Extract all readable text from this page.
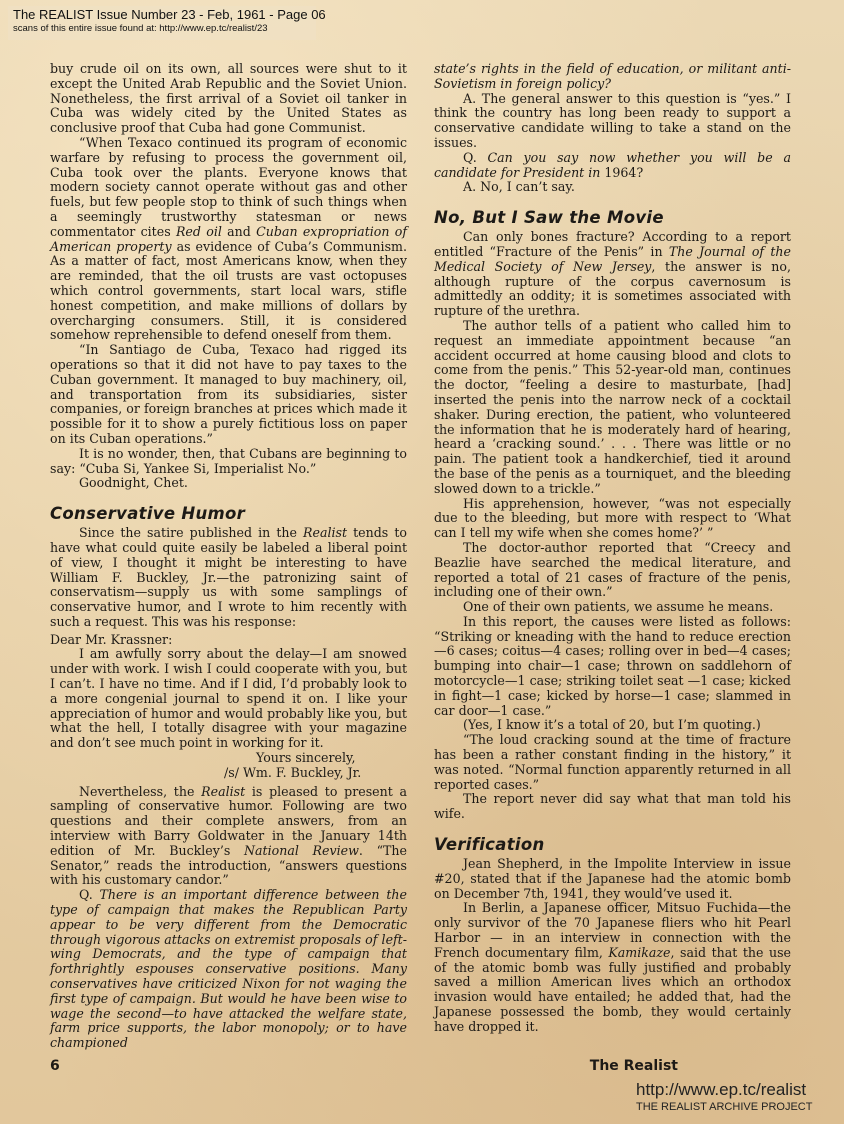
The REALIST Issue Number 23 - Feb, 1961 - Page 06
scans of this entire issue found at: http://www.ep.tc/realist/23

buy crude oil on its own, all sources were shut to it except the United Arab Republic and the Soviet Union. Nonetheless, the first arrival of a Soviet oil tanker in Cuba was widely cited by the United States as conclusive proof that Cuba had gone Communist.

“When Texaco continued its program of economic warfare by refusing to process the government oil, Cuba took over the plants. Everyone knows that modern society cannot operate without gas and other fuels, but few people stop to think of such things when a seemingly trustworthy statesman or news commentator cites Red oil and Cuban expropriation of American property as evidence of Cuba’s Communism. As a matter of fact, most Americans know, when they are reminded, that the oil trusts are vast octopuses which control governments, start local wars, stifle honest competition, and make millions of dollars by overcharging consumers. Still, it is considered somehow reprehensible to defend oneself from them.

“In Santiago de Cuba, Texaco had rigged its operations so that it did not have to pay taxes to the Cuban government. It managed to buy machinery, oil, and transportation from its subsidiaries, sister companies, or foreign branches at prices which made it possible for it to show a purely fictitious loss on paper on its Cuban operations.”

It is no wonder, then, that Cubans are beginning to say: “Cuba Si, Yankee Si, Imperialist No.”

Goodnight, Chet.

Conservative Humor

Since the satire published in the Realist tends to have what could quite easily be labeled a liberal point of view, I thought it might be interesting to have William F. Buckley, Jr.—the patronizing saint of conservatism—supply us with some samplings of conservative humor, and I wrote to him recently with such a request. This was his response:

Dear Mr. Krassner:

I am awfully sorry about the delay—I am snowed under with work. I wish I could cooperate with you, but I can’t. I have no time. And if I did, I’d probably look to a more congenial journal to spend it on. I like your appreciation of humor and would probably like you, but what the hell, I totally disagree with your magazine and don’t see much point in working for it.

Yours sincerely,

/s/ Wm. F. Buckley, Jr.

Nevertheless, the Realist is pleased to present a sampling of conservative humor. Following are two questions and their complete answers, from an interview with Barry Goldwater in the January 14th edition of Mr. Buckley’s National Review. “The Senator,” reads the introduction, “answers questions with his customary candor.”

Q. There is an important difference between the type of campaign that makes the Republican Party appear to be very different from the Democratic through vigorous attacks on extremist proposals of left-wing Democrats, and the type of campaign that forthrightly espouses conservative positions. Many conservatives have criticized Nixon for not waging the first type of campaign. But would he have been wise to wage the second—to have attacked the welfare state, farm price supports, the labor monopoly; or to have championed

state’s rights in the field of education, or militant anti-Sovietism in foreign policy?

A. The general answer to this question is “yes.” I think the country has long been ready to support a conservative candidate willing to take a stand on the issues.

Q. Can you say now whether you will be a candidate for President in 1964?

A. No, I can’t say.

No, But I Saw the Movie

Can only bones fracture? According to a report entitled “Fracture of the Penis” in The Journal of the Medical Society of New Jersey, the answer is no, although rupture of the corpus cavernosum is admittedly an oddity; it is sometimes associated with rupture of the urethra.

The author tells of a patient who called him to request an immediate appointment because “an accident occurred at home causing blood and clots to come from the penis.” This 52-year-old man, continues the doctor, “feeling a desire to masturbate, [had] inserted the penis into the narrow neck of a cocktail shaker. During erection, the patient, who volunteered the information that he is moderately hard of hearing, heard a ‘cracking sound.’ . . . There was little or no pain. The patient took a handkerchief, tied it around the base of the penis as a tourniquet, and the bleeding slowed down to a trickle.”

His apprehension, however, “was not especially due to the bleeding, but more with respect to ‘What can I tell my wife when she comes home?’ ”

The doctor-author reported that “Creecy and Beazlie have searched the medical literature, and reported a total of 21 cases of fracture of the penis, including one of their own.”

One of their own patients, we assume he means.

In this report, the causes were listed as follows: “Striking or kneading with the hand to reduce erection—6 cases; coitus—4 cases; rolling over in bed—4 cases; bumping into chair—1 case; thrown on saddlehorn of motorcycle—1 case; striking toilet seat —1 case; kicked in fight—1 case; kicked by horse—1 case; slammed in car door—1 case.”

(Yes, I know it’s a total of 20, but I’m quoting.)

“The loud cracking sound at the time of fracture has been a rather constant finding in the history,” it was noted. “Normal function apparently returned in all reported cases.”

The report never did say what that man told his wife.

Verification

Jean Shepherd, in the Impolite Interview in issue #20, stated that if the Japanese had the atomic bomb on December 7th, 1941, they would’ve used it.

In Berlin, a Japanese officer, Mitsuo Fuchida—the only survivor of the 70 Japanese fliers who hit Pearl Harbor — in an interview in connection with the French documentary film, Kamikaze, said that the use of the atomic bomb was fully justified and probably saved a million American lives which an orthodox invasion would have entailed; he added that, had the Japanese possessed the bomb, they would certainly have dropped it.

6	The Realist
http://www.ep.tc/realist
THE REALIST ARCHIVE PROJECT
